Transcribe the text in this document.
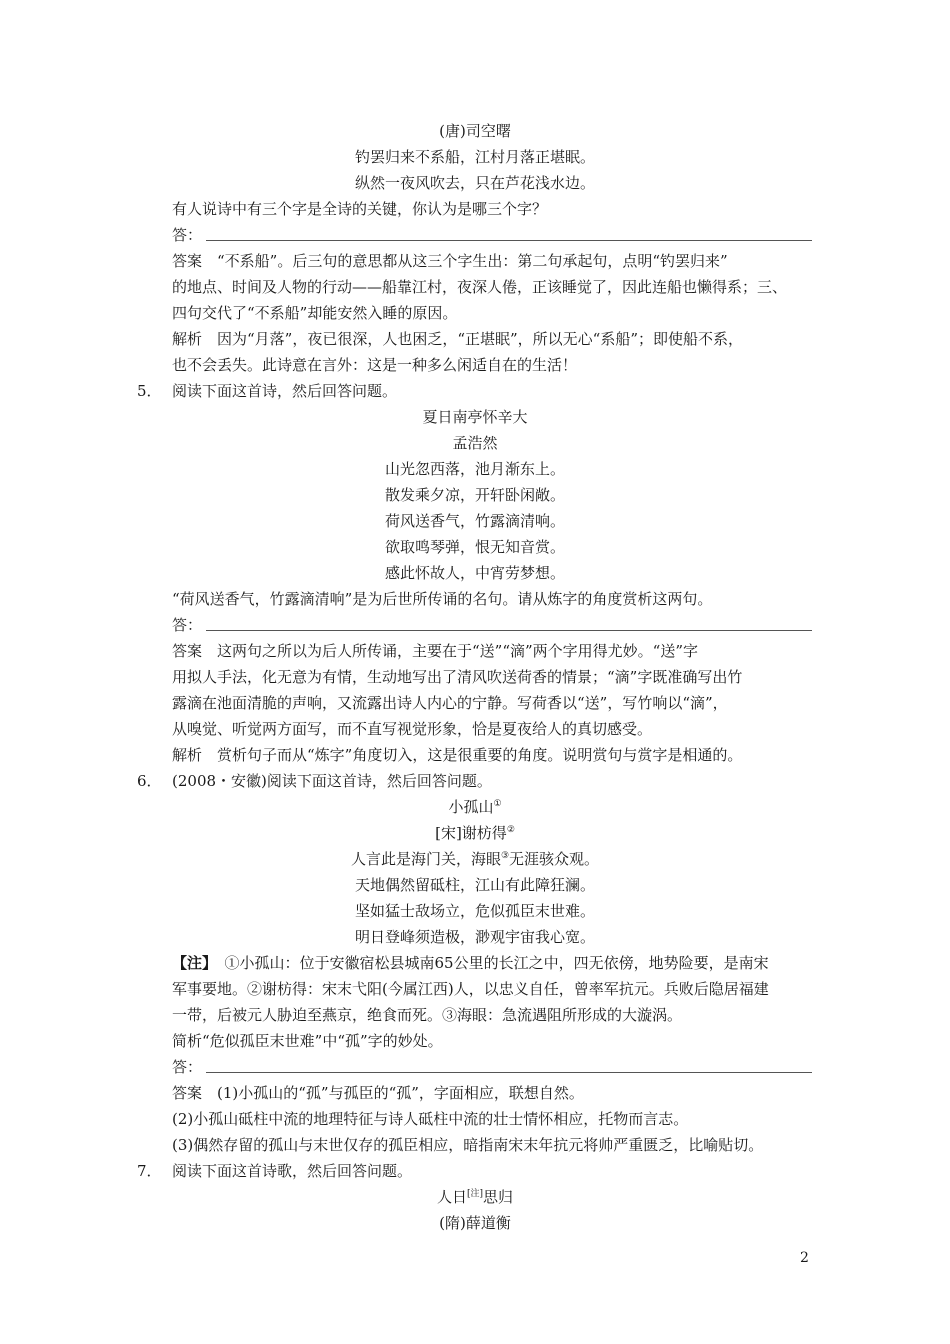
(唐)司空曙
钓罢归来不系船，江村月落正堪眠。
纵然一夜风吹去，只在芦花浅水边。
有人说诗中有三个字是全诗的关键，你认为是哪三个字？
答：
答案　“不系船”。后三句的意思都从这三个字生出：第二句承起句，点明“钓罢归来”
的地点、时间及人物的行动——船靠江村，夜深人倦，正该睡觉了，因此连船也懒得系；三、
四句交代了“不系船”却能安然入睡的原因。
解析　因为“月落”，夜已很深，人也困乏，“正堪眠”，所以无心“系船”；即使船不系，
也不会丢失。此诗意在言外：这是一种多么闲适自在的生活！
5． 阅读下面这首诗，然后回答问题。
夏日南亭怀辛大
孟浩然
山光忽西落，池月渐东上。
散发乘夕凉，开轩卧闲敞。
荷风送香气，竹露滴清响。
欲取鸣琴弹，恨无知音赏。
感此怀故人，中宵劳梦想。
“荷风送香气，竹露滴清响”是为后世所传诵的名句。请从炼字的角度赏析这两句。
答：
答案　这两句之所以为后人所传诵，主要在于“送”“滴”两个字用得尤妙。“送”字
用拟人手法，化无意为有情，生动地写出了清风吹送荷香的情景；“滴”字既准确写出竹
露滴在池面清脆的声响，又流露出诗人内心的宁静。写荷香以“送”，写竹响以“滴”，
从嗅觉、听觉两方面写，而不直写视觉形象，恰是夏夜给人的真切感受。
解析　赏析句子而从“炼字”角度切入，这是很重要的角度。说明赏句与赏字是相通的。
6． (2008・安徽)阅读下面这首诗，然后回答问题。
小孤山①
[宋]谢枋得②
人言此是海门关，海眼③无涯骇众观。
天地偶然留砥柱，江山有此障狂澜。
坚如猛士敌场立，危似孤臣末世难。
明日登峰须造极，渺观宇宙我心宽。
【注】　①小孤山：位于安徽宿松县城南65公里的长江之中，四无依傍，地势险要，是南宋
军事要地。②谢枋得：宋末弋阳(今属江西)人，以忠义自任，曾率军抗元。兵败后隐居福建
一带，后被元人胁迫至燕京，绝食而死。③海眼：急流遇阻所形成的大漩涡。
简析“危似孤臣末世难”中“孤”字的妙处。
答：
答案　(1)小孤山的“孤”与孤臣的“孤”，字面相应，联想自然。
(2)小孤山砥柱中流的地理特征与诗人砥柱中流的壮士情怀相应，托物而言志。
(3)偶然存留的孤山与末世仅存的孤臣相应，暗指南宋末年抗元将帅严重匮乏，比喻贴切。
7． 阅读下面这首诗歌，然后回答问题。
人日[注]思归
(隋)薛道衡
2
